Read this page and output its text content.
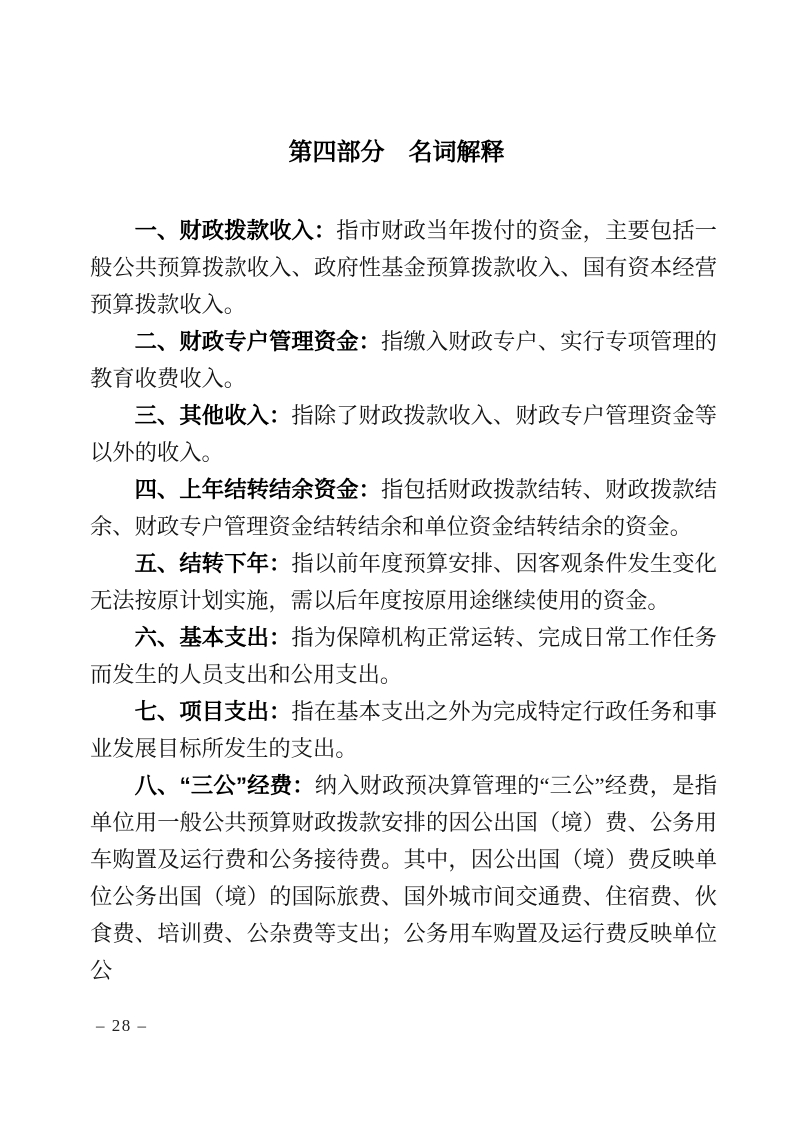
第四部分　名词解释

一、财政拨款收入：指市财政当年拨付的资金，主要包括一般公共预算拨款收入、政府性基金预算拨款收入、国有资本经营预算拨款收入。

二、财政专户管理资金：指缴入财政专户、实行专项管理的教育收费收入。

三、其他收入：指除了财政拨款收入、财政专户管理资金等以外的收入。

四、上年结转结余资金：指包括财政拨款结转、财政拨款结余、财政专户管理资金结转结余和单位资金结转结余的资金。

五、结转下年：指以前年度预算安排、因客观条件发生变化无法按原计划实施，需以后年度按原用途继续使用的资金。

六、基本支出：指为保障机构正常运转、完成日常工作任务而发生的人员支出和公用支出。

七、项目支出：指在基本支出之外为完成特定行政任务和事业发展目标所发生的支出。

八、“三公”经费：纳入财政预决算管理的“三公”经费，是指单位用一般公共预算财政拨款安排的因公出国（境）费、公务用车购置及运行费和公务接待费。其中，因公出国（境）费反映单位公务出国（境）的国际旅费、国外城市间交通费、住宿费、伙食费、培训费、公杂费等支出；公务用车购置及运行费反映单位公

– 28 –
